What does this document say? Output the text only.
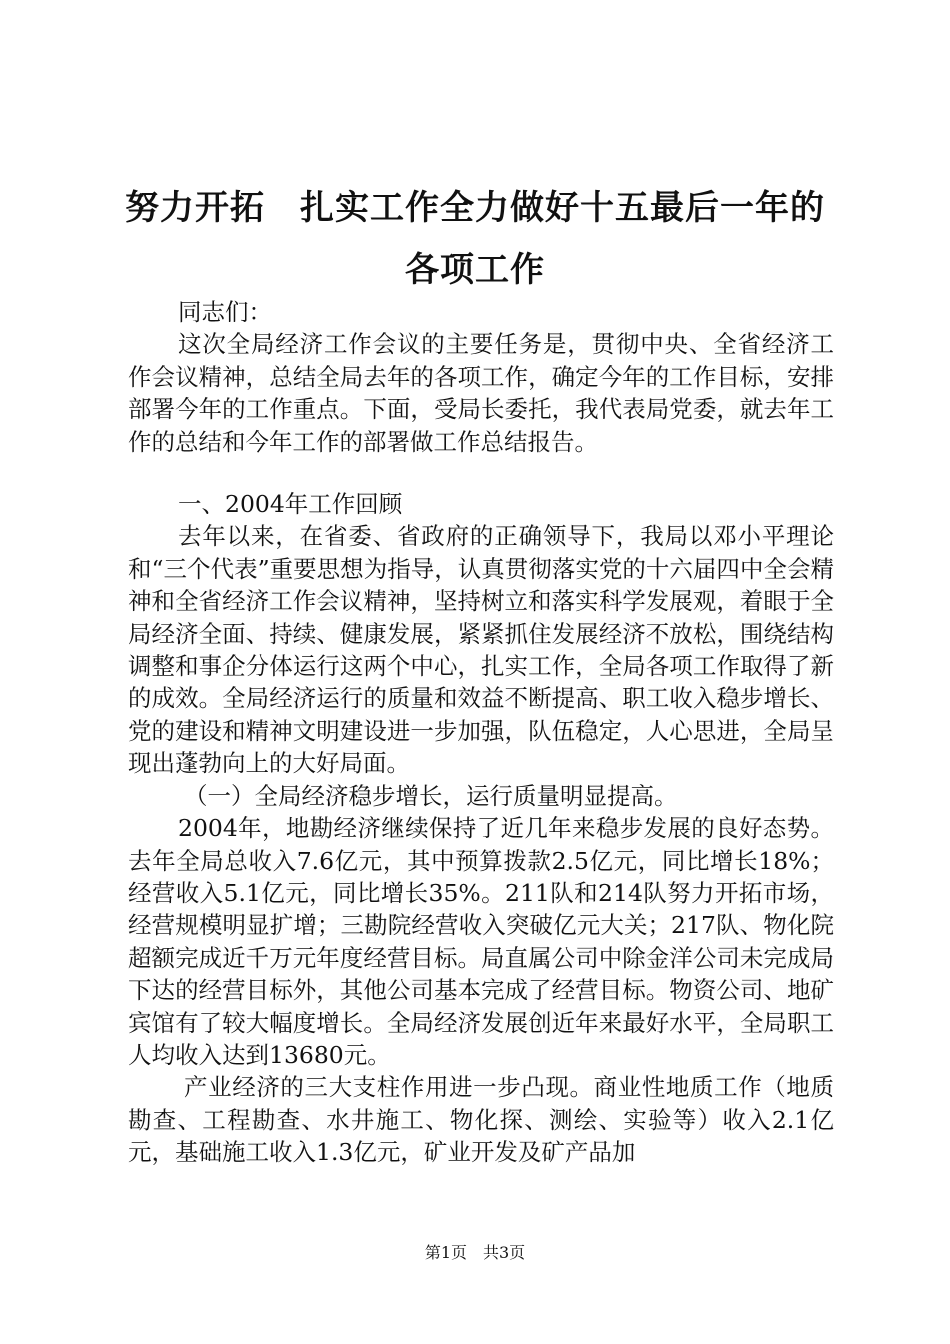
努力开拓　扎实工作全力做好十五最后一年的
各项工作

同志们：

这次全局经济工作会议的主要任务是，贯彻中央、全省经济工作会议精神，总结全局去年的各项工作，确定今年的工作目标，安排部署今年的工作重点。下面，受局长委托，我代表局党委，就去年工作的总结和今年工作的部署做工作总结报告。

一、2004年工作回顾

去年以来，在省委、省政府的正确领导下，我局以邓小平理论和“三个代表”重要思想为指导，认真贯彻落实党的十六届四中全会精神和全省经济工作会议精神，坚持树立和落实科学发展观，着眼于全局经济全面、持续、健康发展，紧紧抓住发展经济不放松，围绕结构调整和事企分体运行这两个中心，扎实工作，全局各项工作取得了新的成效。全局经济运行的质量和效益不断提高、职工收入稳步增长、党的建设和精神文明建设进一步加强，队伍稳定，人心思进，全局呈现出蓬勃向上的大好局面。

（一）全局经济稳步增长，运行质量明显提高。

2004年，地勘经济继续保持了近几年来稳步发展的良好态势。去年全局总收入7.6亿元，其中预算拨款2.5亿元，同比增长18%；经营收入5.1亿元，同比增长35%。211队和214队努力开拓市场，经营规模明显扩增；三勘院经营收入突破亿元大关；217队、物化院超额完成近千万元年度经营目标。局直属公司中除金洋公司未完成局下达的经营目标外，其他公司基本完成了经营目标。物资公司、地矿宾馆有了较大幅度增长。全局经济发展创近年来最好水平，全局职工人均收入达到13680元。

产业经济的三大支柱作用进一步凸现。商业性地质工作（地质勘查、工程勘查、水井施工、物化探、测绘、实验等）收入2.1亿元，基础施工收入1.3亿元，矿业开发及矿产品加

第1页　共3页
